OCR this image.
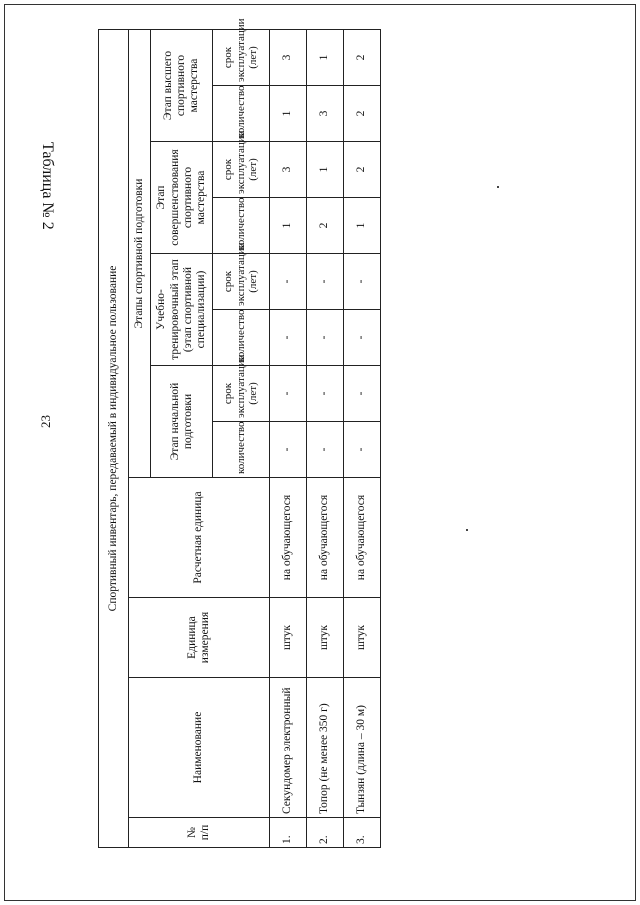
Таблица № 2
23	Спортивный инвентарь, передаваемый в индивидуальное пользование											
№ п/п	Наименование	Единица измерения	Расчетная единица	Этапы спортивной подготовки							
				Этап начальной подготовки		Учебно-тренировочный этап (этап спортивной специализации)		Этап совершенствования спортивного мастерства		Этап высшего спортивного мастерства	
				количество	срок эксплуатации (лет)	количество	срок эксплуатации (лет)	количество	срок эксплуатации (лет)	количество	срок эксплуатации (лет)
1.	Секундомер электронный	штук	на обучающегося	-	-	-	-	1	3	1	3
2.	Топор (не менее 350 г)	штук	на обучающегося	-	-	-	-	2	1	3	1
3.	Тынзян (длина – 30 м)	штук	на обучающегося	-	-	-	-	1	2	2	2
